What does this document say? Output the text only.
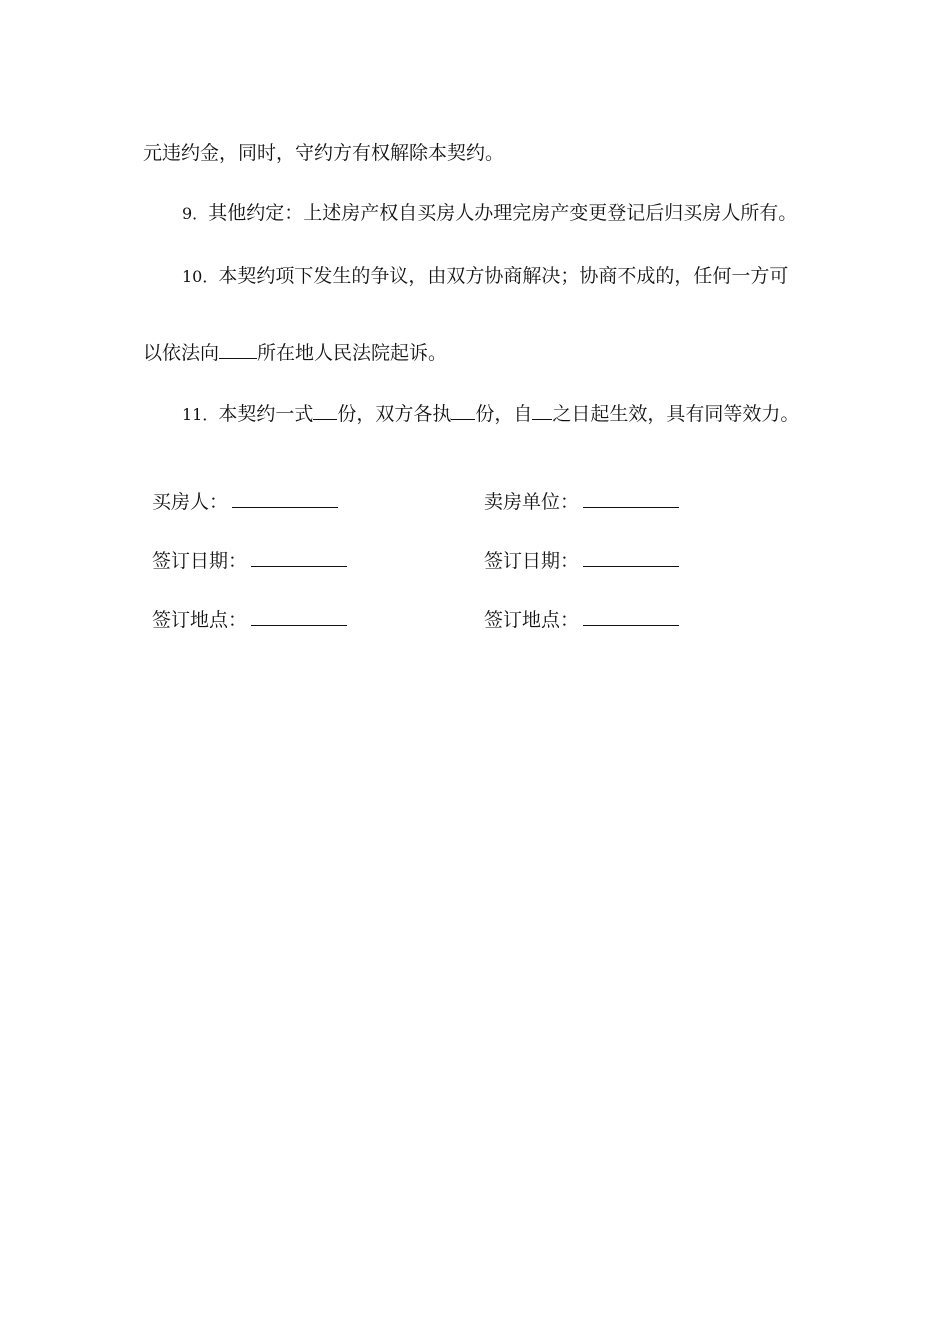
元违约金，同时，守约方有权解除本契约。

9．其他约定：上述房产权自买房人办理完房产变更登记后归买房人所有。

10．本契约项下发生的争议，由双方协商解决；协商不成的，任何一方可

以依法向 所在地人民法院起诉。

11．本契约一式 份，双方各执 份，自 之日起生效，具有同等效力。

买房人：	卖房单位：
签订日期：	签订日期：
签订地点：	签订地点：
